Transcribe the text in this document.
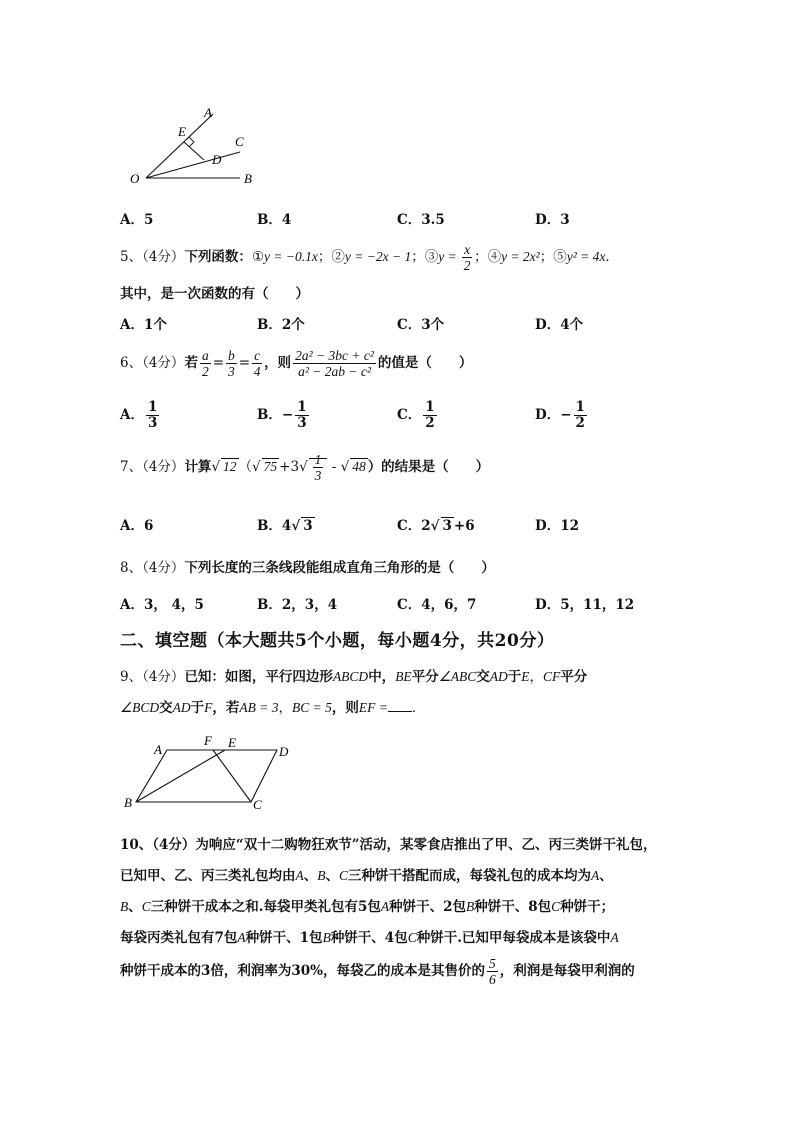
A
E
C
D
O	B
A．5	B．4	C．3.5	D．3
5、（4分）下列函数：①y = −0.1x；②y = −2x − 1；③y = $\frac{x}{2}$ ；④y = 2x²；⑤y² = 4x．
其中，是一次函数的有（　　）
A．1个	B．2个	C．3个	D．4个
6、（4分）若 $\frac{a}{2} = \frac{b}{3} = \frac{c}{4}$ ，则 $\frac{\text{2a² − 3bc + c²}}{\text{a² − 2ab − c²}}$ 的值是（　　）
A． $\frac{1}{3}$	B．− $\frac{1}{3}$	C． $\frac{1}{2}$	D．− $\frac{1}{2}$
7、（4分）计算√ 12 （√ $75 +3√ \frac{1}{3}$ - √ 48 ）的结果是（　　）
A．6	B．4√ 3	C．2√ 3 +6	D．12
8、（4分）下列长度的三条线段能组成直角三角形的是（　　）
A．3， 4，5	B．2，3，4	C．4，6，7	D．5，11，12
二、填空题（本大题共5个小题，每小题4分，共20分）
9、（4分）已知：如图，平行四边形ABCD中，BE平分∠ABC交AD于E，CF平分
∠BCD交AD于F，若AB = 3，BC = 5，则EF = ．
A
F E
D
B	C
10、（4分）为响应“双十二购物狂欢节”活动，某零食店推出了甲、乙、丙三类饼干礼包，
已知甲、乙、丙三类礼包均由A、B、C三种饼干搭配而成，每袋礼包的成本均为A、
B、C三种饼干成本之和.每袋甲类礼包有5包A种饼干、2包B种饼干、8包C种饼干；
每袋丙类礼包有7包A种饼干、1包B种饼干、4包C种饼干.已知甲每袋成本是该袋中A
种饼干成本的3倍，利润率为30%，每袋乙的成本是其售价的 $\frac{5}{6}$ ，利润是每袋甲利润的
